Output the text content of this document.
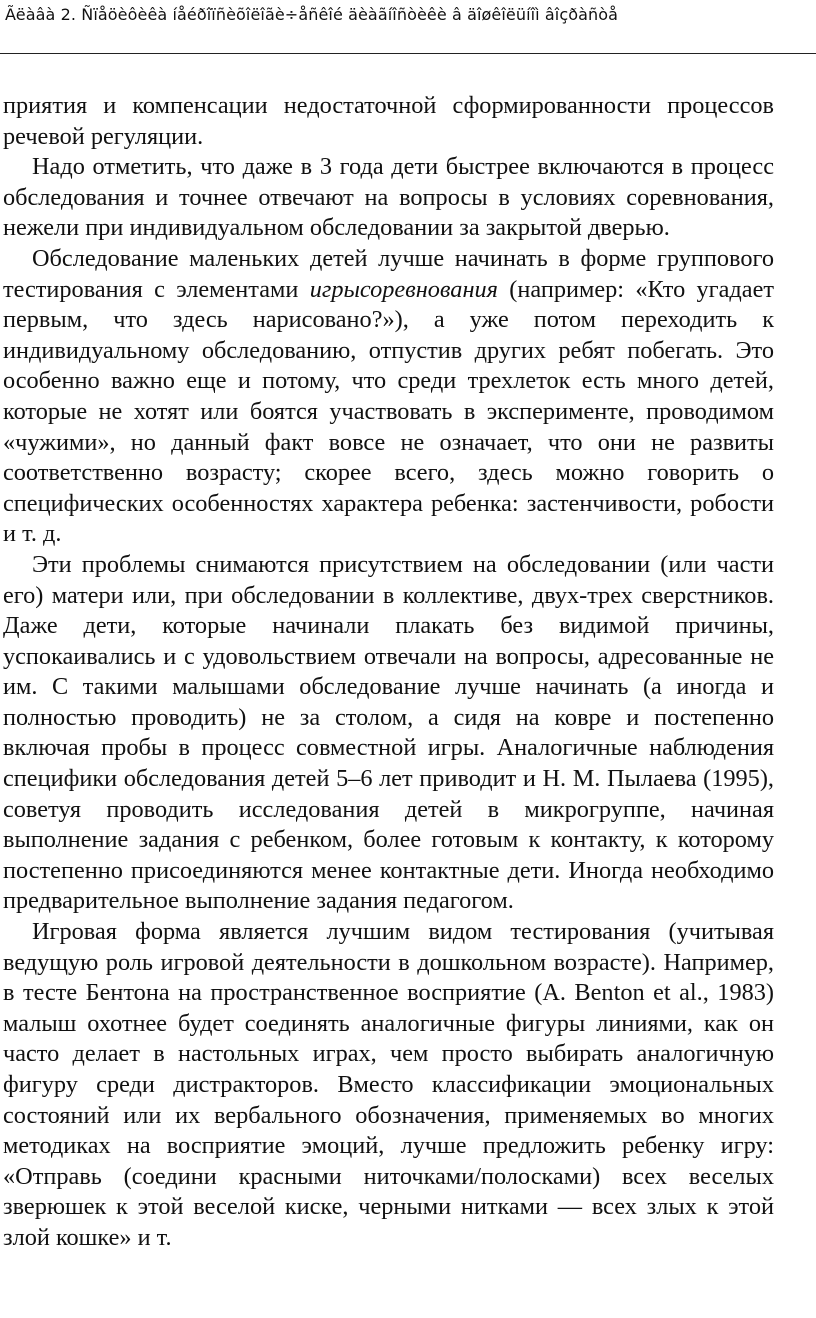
Ãëàâà 2. Ñïåöèôèêà íåéðîïñèõîëîãè÷åñêîé äèàãíîñòèêè â äîøêîëüíîì âîçðàñòå

приятия и компенсации недостаточной сформированности процессов речевой регуляции.

Надо отметить, что даже в 3 года дети быстрее включаются в процесс обследования и точнее отвечают на вопросы в условиях соревнования, нежели при индивидуальном обследовании за закрытой дверью.

Обследование маленьких детей лучше начинать в форме группового тестирования с элементами игрысоревнования (например: «Кто угадает первым, что здесь нарисовано?»), а уже потом переходить к индивидуальному обследованию, отпустив других ребят побегать. Это особенно важно еще и потому, что среди трехлеток есть много детей, которые не хотят или боятся участвовать в эксперименте, проводимом «чужими», но данный факт вовсе не означает, что они не развиты соответственно возрасту; скорее всего, здесь можно говорить о специфических особенностях характера ребенка: застенчивости, робости и т. д.

Эти проблемы снимаются присутствием на обследовании (или части его) матери или, при обследовании в коллективе, двух-трех сверстников. Даже дети, которые начинали плакать без видимой причины, успокаивались и с удовольствием отвечали на вопросы, адресованные не им. С такими малышами обследование лучше начинать (а иногда и полностью проводить) не за столом, а сидя на ковре и постепенно включая пробы в процесс совместной игры. Аналогичные наблюдения специфики обследования детей 5–6 лет приводит и Н. М. Пылаева (1995), советуя проводить исследования детей в микрогруппе, начиная выполнение задания с ребенком, более готовым к контакту, к которому постепенно присоединяются менее контактные дети. Иногда необходимо предварительное выполнение задания педагогом.

Игровая форма является лучшим видом тестирования (учитывая ведущую роль игровой деятельности в дошкольном возрасте). Например, в тесте Бентона на пространственное восприятие (A. Benton et al., 1983) малыш охотнее будет соединять аналогичные фигуры линиями, как он часто делает в настольных играх, чем просто выбирать аналогичную фигуру среди дистракторов. Вместо классификации эмоциональных состояний или их вербального обозначения, применяемых во многих методиках на восприятие эмоций, лучше предложить ребенку игру: «Отправь (соедини красными ниточками/полосками) всех веселых зверюшек к этой веселой киске, черными нитками — всех злых к этой злой кошке» и т.
